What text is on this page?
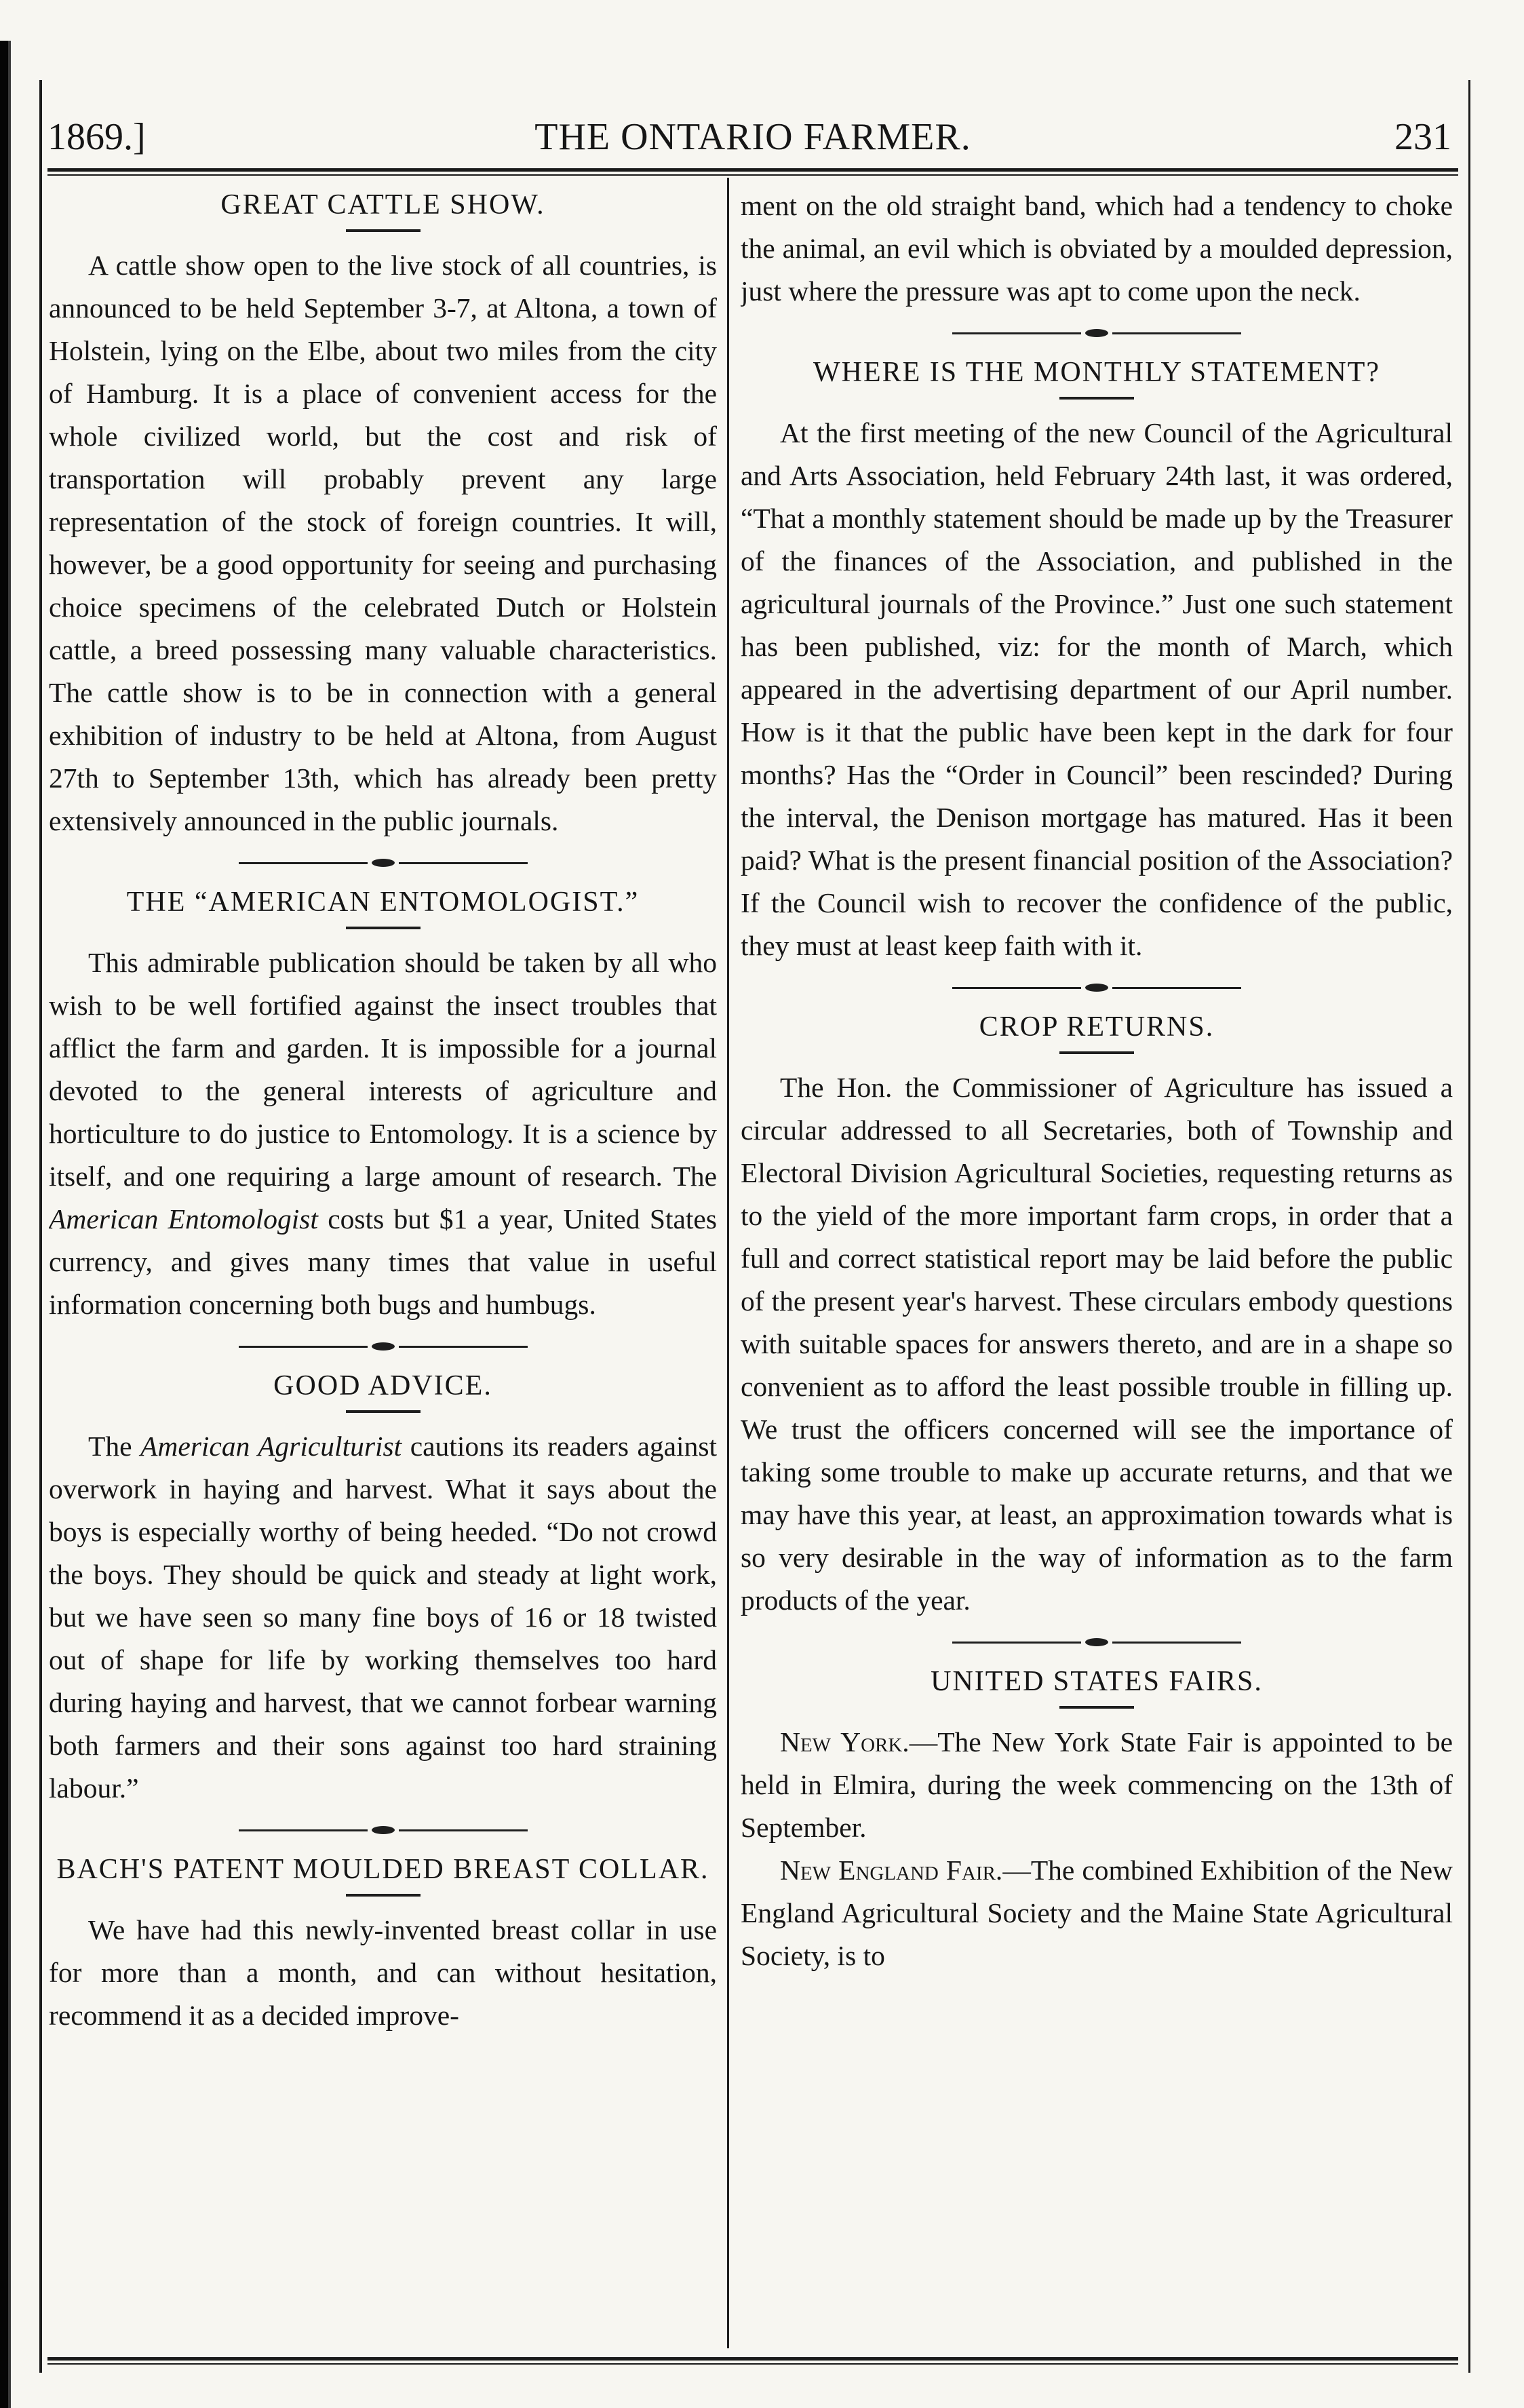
1869.]	THE ONTARIO FARMER.	231
GREAT CATTLE SHOW.

A cattle show open to the live stock of all countries, is announced to be held September 3-7, at Altona, a town of Holstein, lying on the Elbe, about two miles from the city of Hamburg. It is a place of convenient access for the whole civilized world, but the cost and risk of transportation will probably prevent any large representation of the stock of foreign countries. It will, however, be a good opportunity for seeing and purchasing choice specimens of the celebrated Dutch or Holstein cattle, a breed possessing many valuable characteristics. The cattle show is to be in connection with a general exhibition of industry to be held at Altona, from August 27th to September 13th, which has already been pretty extensively announced in the public journals.

THE “AMERICAN ENTOMOLOGIST.”

This admirable publication should be taken by all who wish to be well fortified against the insect troubles that afflict the farm and garden. It is impossible for a journal devoted to the general interests of agriculture and horticulture to do justice to Entomology. It is a science by itself, and one requiring a large amount of research. The American Entomologist costs but $1 a year, United States currency, and gives many times that value in useful information concerning both bugs and humbugs.

GOOD ADVICE.

The American Agriculturist cautions its readers against overwork in haying and harvest. What it says about the boys is especially worthy of being heeded. “Do not crowd the boys. They should be quick and steady at light work, but we have seen so many fine boys of 16 or 18 twisted out of shape for life by working themselves too hard during haying and harvest, that we cannot forbear warning both farmers and their sons against too hard straining labour.”

BACH'S PATENT MOULDED BREAST COLLAR.

We have had this newly-invented breast collar in use for more than a month, and can without hesitation, recommend it as a decided improve-

ment on the old straight band, which had a tendency to choke the animal, an evil which is obviated by a moulded depression, just where the pressure was apt to come upon the neck.

WHERE IS THE MONTHLY STATEMENT?

At the first meeting of the new Council of the Agricultural and Arts Association, held February 24th last, it was ordered, “That a monthly statement should be made up by the Treasurer of the finances of the Association, and published in the agricultural journals of the Province.” Just one such statement has been published, viz: for the month of March, which appeared in the advertising department of our April number. How is it that the public have been kept in the dark for four months? Has the “Order in Council” been rescinded? During the interval, the Denison mortgage has matured. Has it been paid? What is the present financial position of the Association? If the Council wish to recover the confidence of the public, they must at least keep faith with it.

CROP RETURNS.

The Hon. the Commissioner of Agriculture has issued a circular addressed to all Secretaries, both of Township and Electoral Division Agricultural Societies, requesting returns as to the yield of the more important farm crops, in order that a full and correct statistical report may be laid before the public of the present year's harvest. These circulars embody questions with suitable spaces for answers thereto, and are in a shape so convenient as to afford the least possible trouble in filling up. We trust the officers concerned will see the importance of taking some trouble to make up accurate returns, and that we may have this year, at least, an approximation towards what is so very desirable in the way of information as to the farm products of the year.

UNITED STATES FAIRS.

New York.—The New York State Fair is appointed to be held in Elmira, during the week commencing on the 13th of September.

New England Fair.—The combined Exhibition of the New England Agricultural Society and the Maine State Agricultural Society, is to
